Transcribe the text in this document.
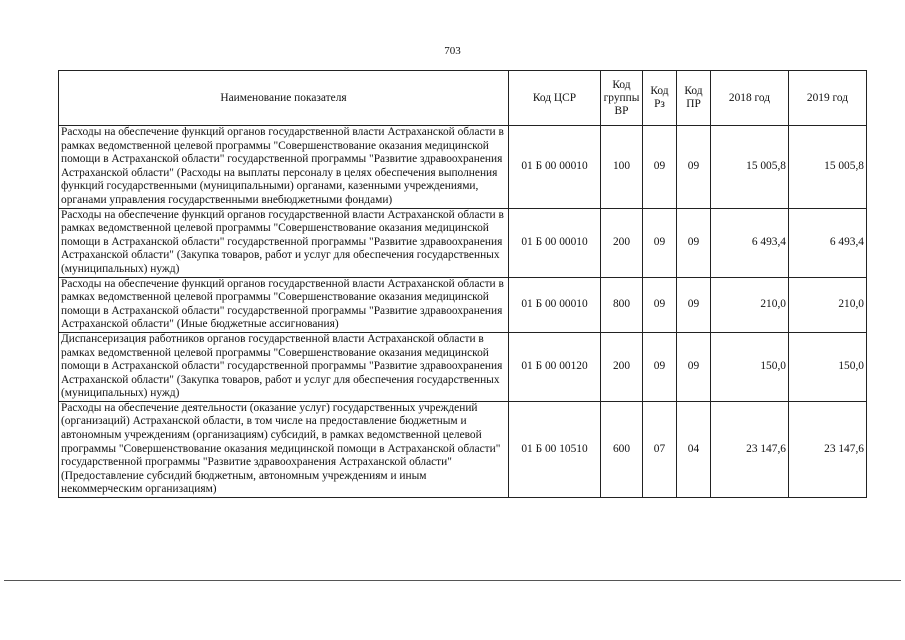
703
Наименование показателя	Код ЦСР	Код группы ВР	Код Рз	Код ПР	2018 год	2019 год
Расходы на обеспечение функций органов государственной власти Астраханской области в рамках ведомственной целевой программы "Совершенствование оказания медицинской помощи в Астраханской области" государственной программы "Развитие здравоохранения Астраханской области" (Расходы на выплаты персоналу в целях обеспечения выполнения функций государственными (муниципальными) органами, казенными учреждениями, органами управления государственными внебюджетными фондами)	01 Б 00 00010	100	09	09	15 005,8	15 005,8
Расходы на обеспечение функций органов государственной власти Астраханской области в рамках ведомственной целевой программы "Совершенствование оказания медицинской помощи в Астраханской области" государственной программы "Развитие здравоохранения Астраханской области" (Закупка товаров, работ и услуг для обеспечения государственных (муниципальных) нужд)	01 Б 00 00010	200	09	09	6 493,4	6 493,4
Расходы на обеспечение функций органов государственной власти Астраханской области в рамках ведомственной целевой программы "Совершенствование оказания медицинской помощи в Астраханской области" государственной программы "Развитие здравоохранения Астраханской области" (Иные бюджетные ассигнования)	01 Б 00 00010	800	09	09	210,0	210,0
Диспансеризация работников органов государственной власти Астраханской области в рамках ведомственной целевой программы "Совершенствование оказания медицинской помощи в Астраханской области" государственной программы "Развитие здравоохранения Астраханской области" (Закупка товаров, работ и услуг для обеспечения государственных (муниципальных) нужд)	01 Б 00 00120	200	09	09	150,0	150,0
Расходы на обеспечение деятельности (оказание услуг) государственных учреждений (организаций) Астраханской области, в том числе на предоставление бюджетным и автономным учреждениям (организациям) субсидий, в рамках ведомственной целевой программы "Совершенствование оказания медицинской помощи в Астраханской области" государственной программы "Развитие здравоохранения Астраханской области" (Предоставление субсидий бюджетным, автономным учреждениям и иным некоммерческим организациям)	01 Б 00 10510	600	07	04	23 147,6	23 147,6
